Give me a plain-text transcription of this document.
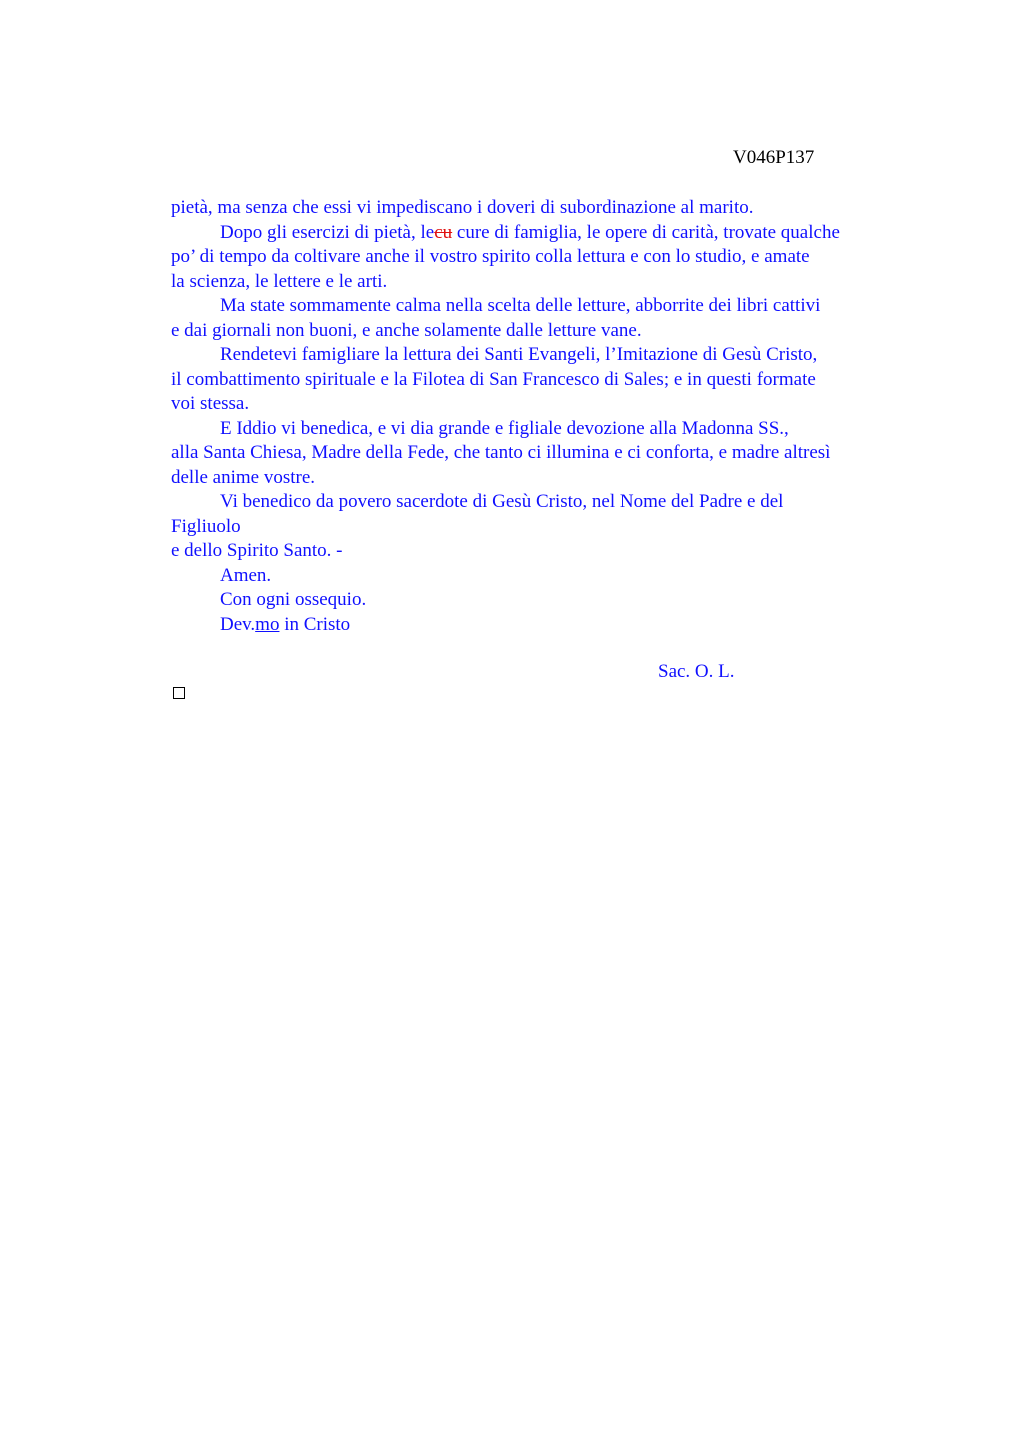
V046P137
pietà, ma senza che essi vi impediscano i doveri di subordinazione al marito.
Dopo gli esercizi di pietà, lecu cure di famiglia, le opere di carità, trovate qualche
po’ di tempo da coltivare anche il vostro spirito colla lettura e con lo studio, e amate
la scienza, le lettere e le arti.
Ma state sommamente calma nella scelta delle letture, abborrite dei libri cattivi
e dai giornali non buoni, e anche solamente dalle letture vane.
Rendetevi famigliare la lettura dei Santi Evangeli, l’Imitazione di Gesù Cristo,
il combattimento spirituale e la Filotea di San Francesco di Sales; e in questi formate
voi stessa.
E Iddio vi benedica, e vi dia grande e figliale devozione alla Madonna SS.,
alla Santa Chiesa, Madre della Fede, che tanto ci illumina e ci conforta, e madre altresì
delle anime vostre.
Vi benedico da povero sacerdote di Gesù Cristo, nel Nome del Padre e del
Figliuolo
e dello Spirito Santo. -
Amen.
Con ogni ossequio.
Dev.mo in Cristo
Sac. O. L.
